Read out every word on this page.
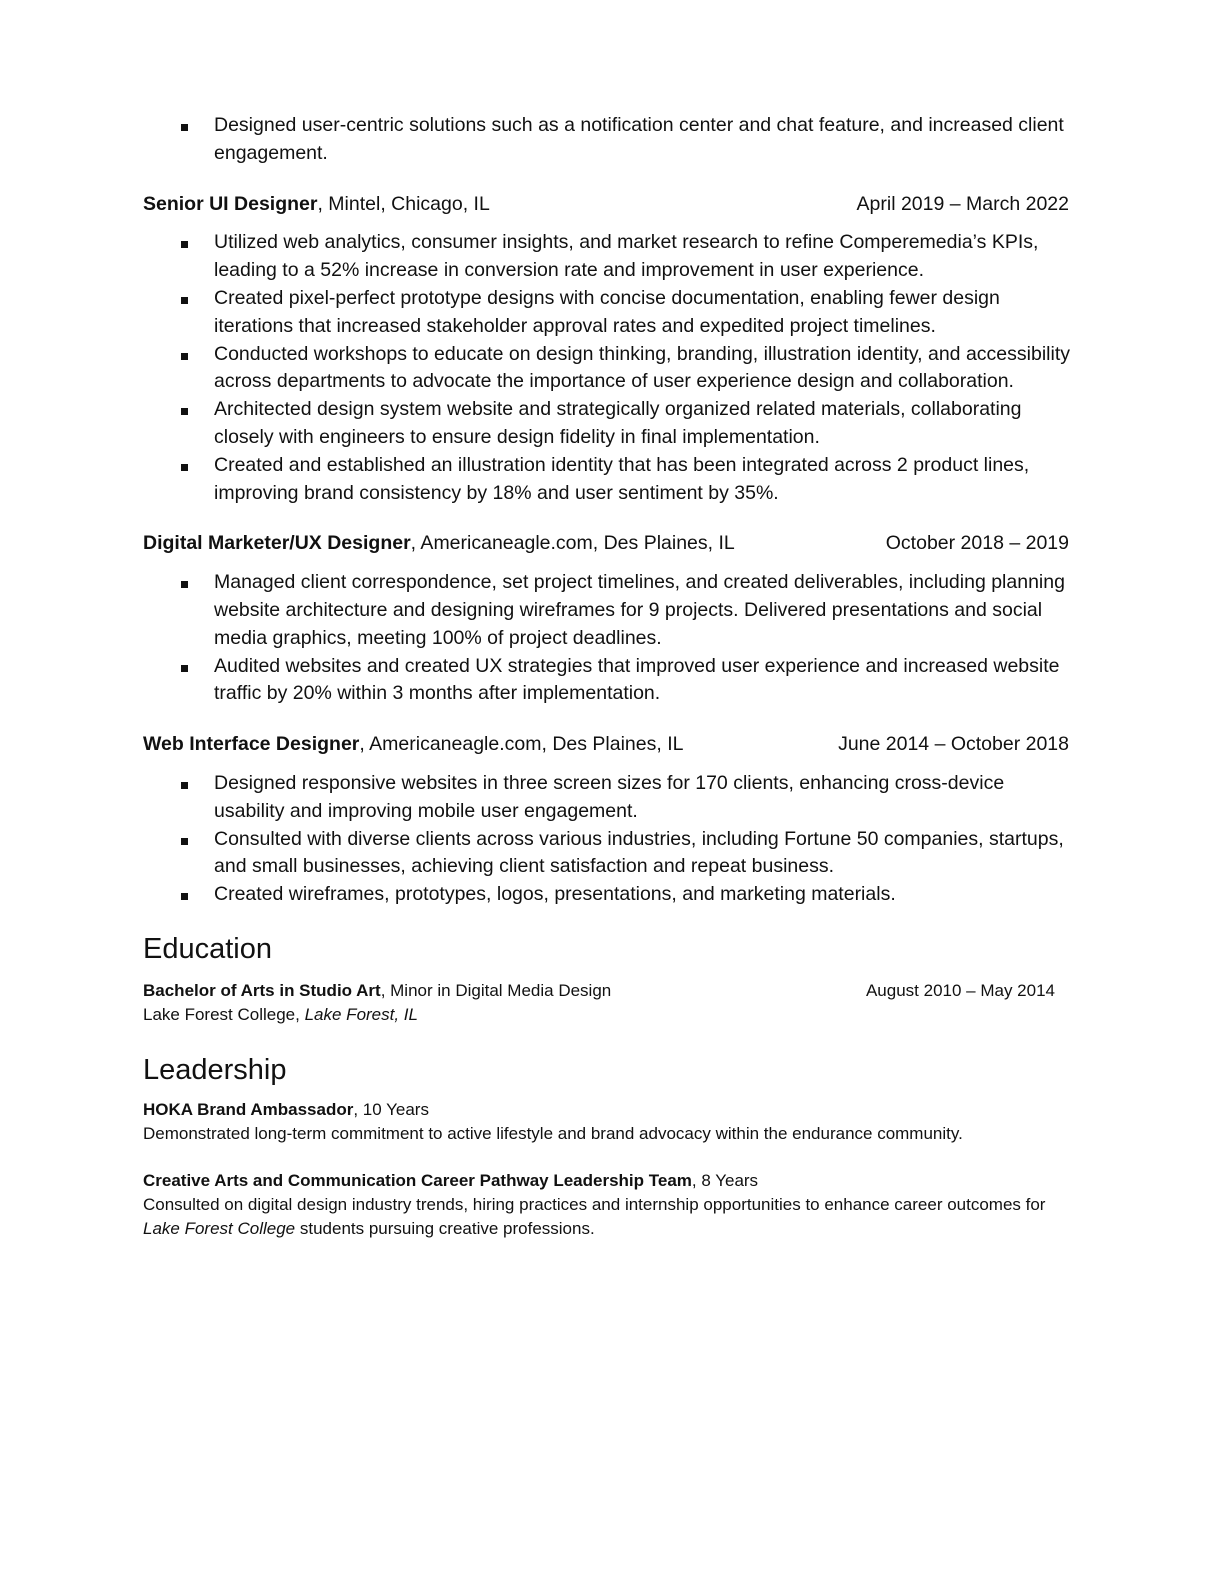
Designed user-centric solutions such as a notification center and chat feature, and increased client engagement.
Senior UI Designer, Mintel, Chicago, IL	April 2019 – March 2022
Utilized web analytics, consumer insights, and market research to refine Comperemedia’s KPIs, leading to a 52% increase in conversion rate and improvement in user experience.
Created pixel-perfect prototype designs with concise documentation, enabling fewer design iterations that increased stakeholder approval rates and expedited project timelines.
Conducted workshops to educate on design thinking, branding, illustration identity, and accessibility across departments to advocate the importance of user experience design and collaboration.
Architected design system website and strategically organized related materials, collaborating closely with engineers to ensure design fidelity in final implementation.
Created and established an illustration identity that has been integrated across 2 product lines, improving brand consistency by 18% and user sentiment by 35%.
Digital Marketer/UX Designer, Americaneagle.com, Des Plaines, IL	October 2018 – 2019
Managed client correspondence, set project timelines, and created deliverables, including planning website architecture and designing wireframes for 9 projects. Delivered presentations and social media graphics, meeting 100% of project deadlines.
Audited websites and created UX strategies that improved user experience and increased website traffic by 20% within 3 months after implementation.
Web Interface Designer, Americaneagle.com, Des Plaines, IL	June 2014 – October 2018
Designed responsive websites in three screen sizes for 170 clients, enhancing cross-device usability and improving mobile user engagement.
Consulted with diverse clients across various industries, including Fortune 50 companies, startups, and small businesses, achieving client satisfaction and repeat business.
Created wireframes, prototypes, logos, presentations, and marketing materials.
Education
Bachelor of Arts in Studio Art, Minor in Digital Media Design	August 2010 – May 2014
Lake Forest College, Lake Forest, IL
Leadership
HOKA Brand Ambassador, 10 Years
Demonstrated long-term commitment to active lifestyle and brand advocacy within the endurance community.
Creative Arts and Communication Career Pathway Leadership Team, 8 Years
Consulted on digital design industry trends, hiring practices and internship opportunities to enhance career outcomes for Lake Forest College students pursuing creative professions.
